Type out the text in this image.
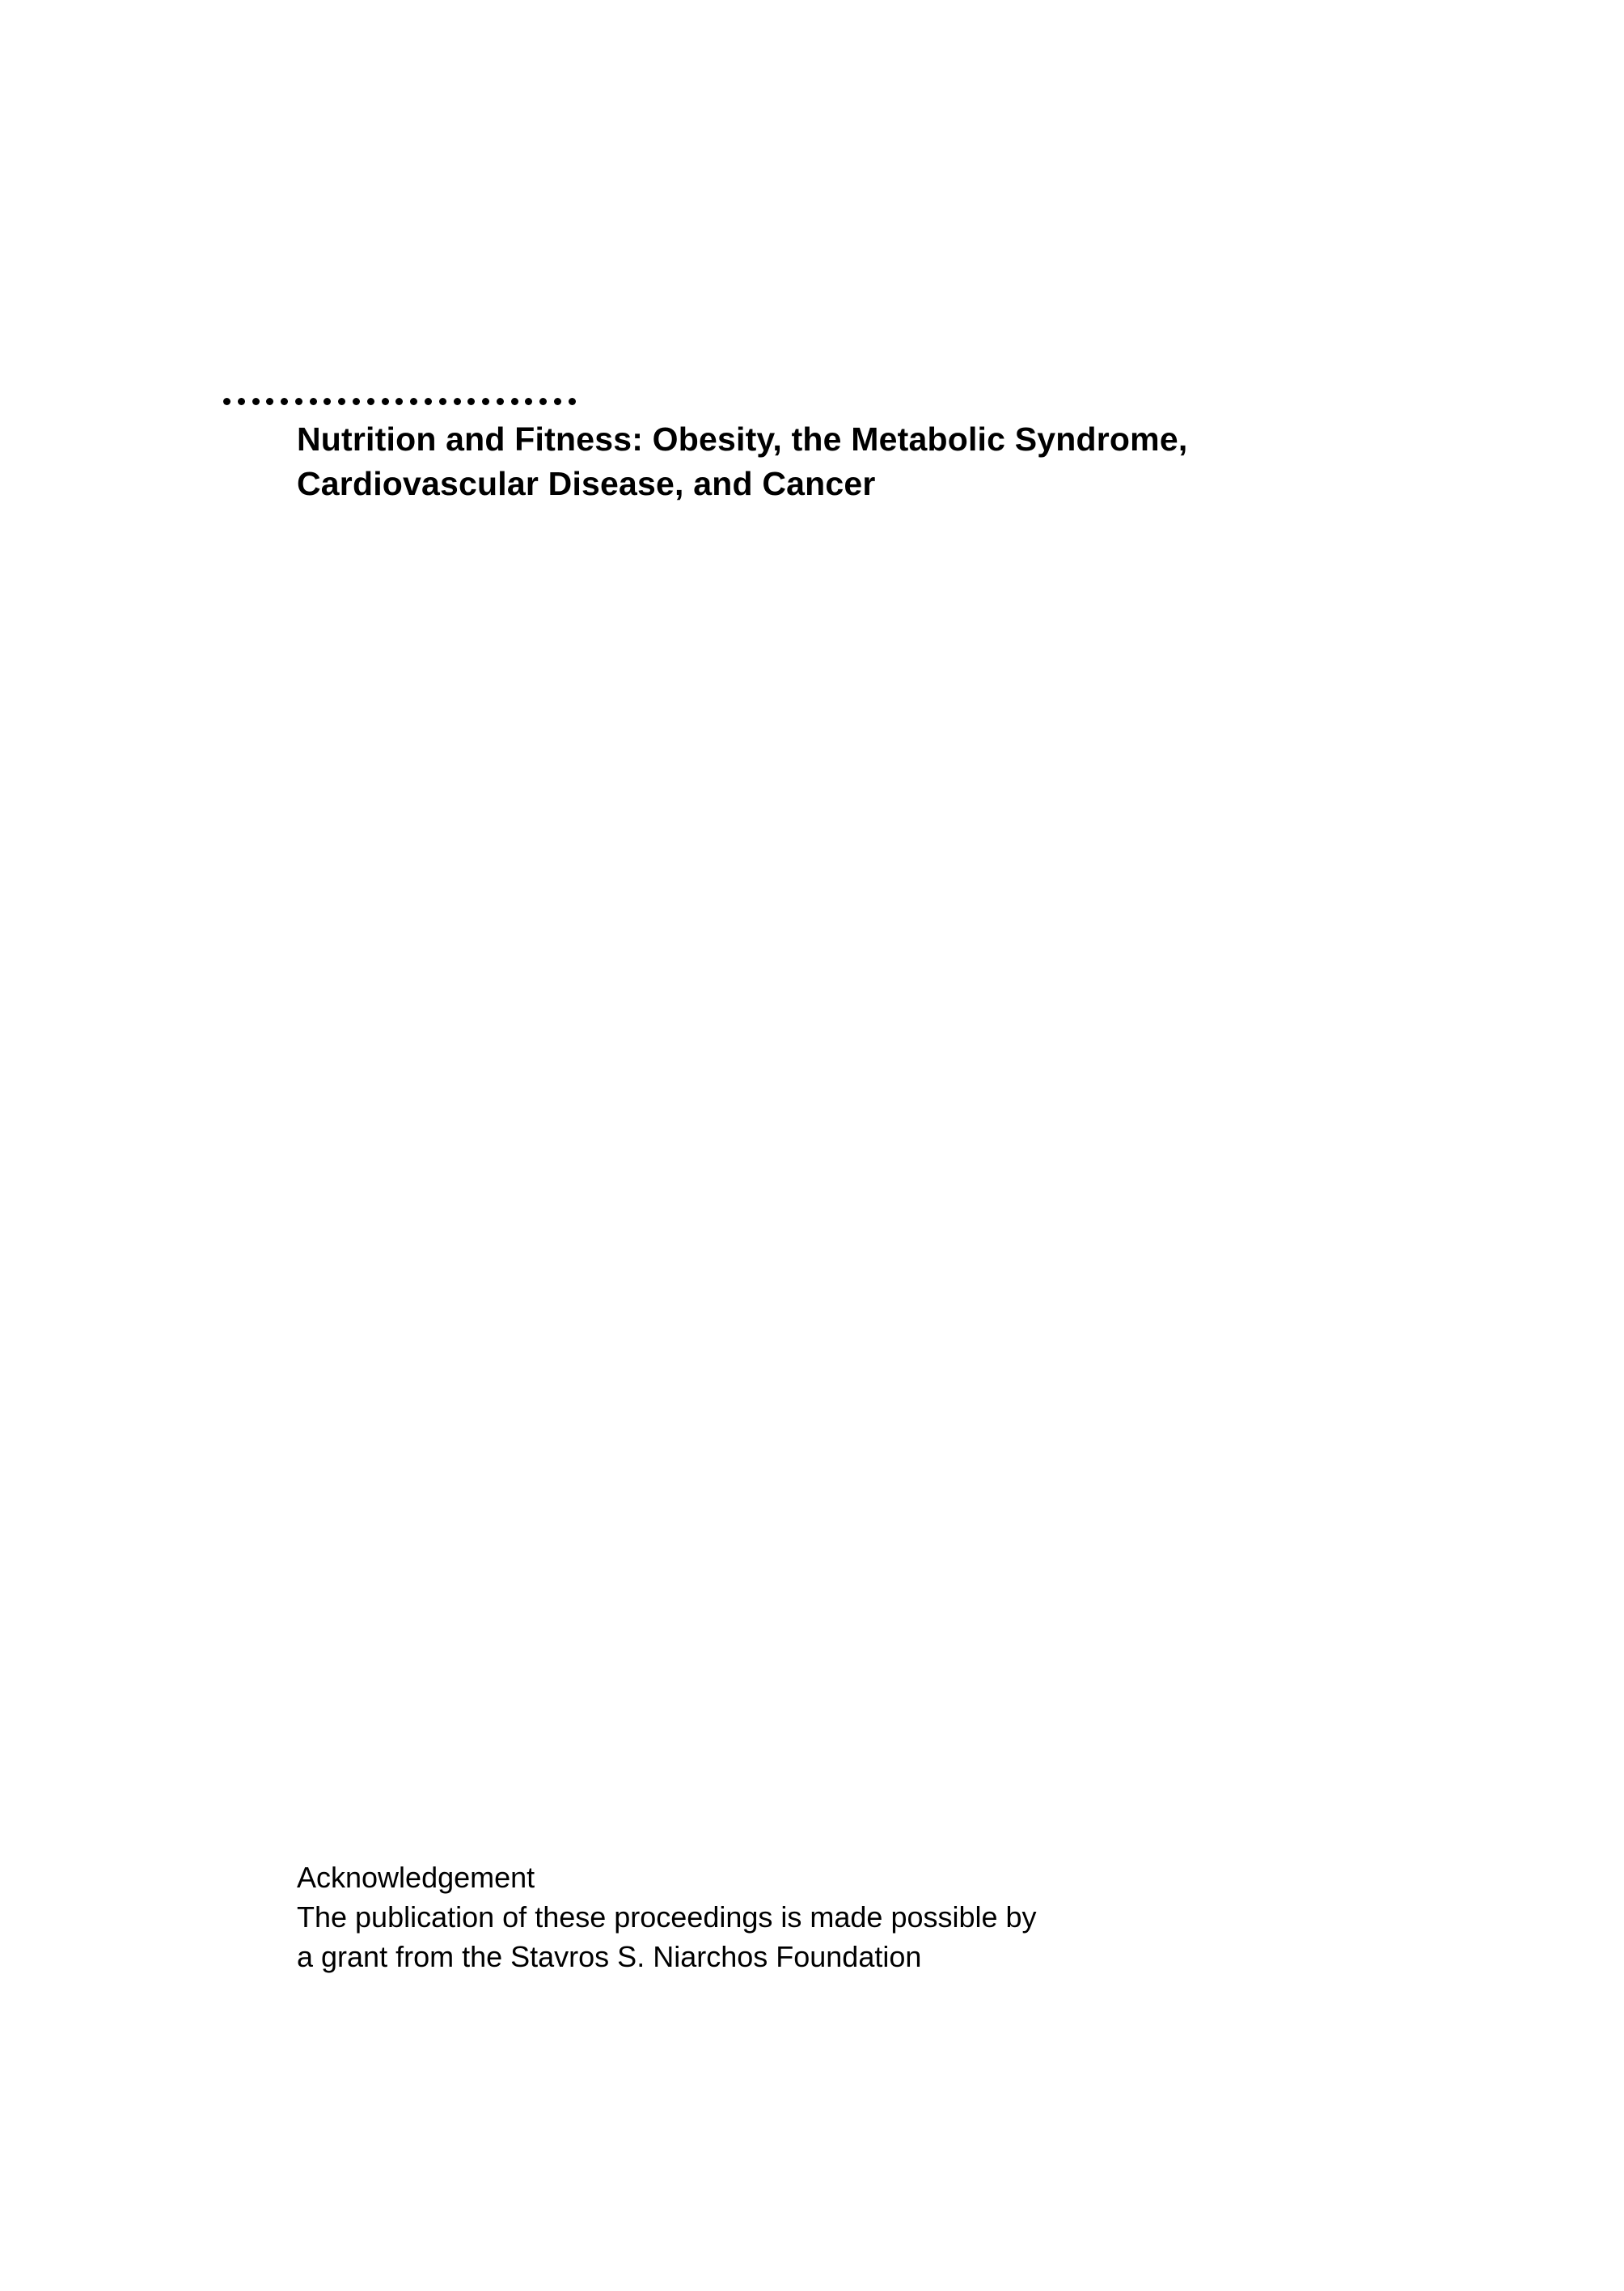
Nutrition and Fitness: Obesity, the Metabolic Syndrome,
Cardiovascular Disease, and Cancer
Acknowledgement
The publication of these proceedings is made possible by
a grant from the Stavros S. Niarchos Foundation
